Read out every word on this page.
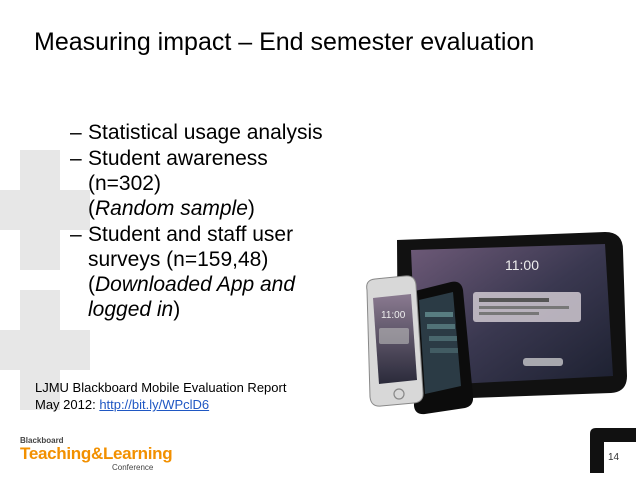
Measuring impact – End semester evaluation
– Statistical usage analysis
– Student awareness
(n=302)
(Random sample)
– Student and staff user
surveys (n=159,48)
(Downloaded App and
logged in)
LJMU Blackboard Mobile Evaluation Report
May 2012: http://bit.ly/WPclD6
11:00
11:00
Blackboard
Teaching&Learning
Conference
14
